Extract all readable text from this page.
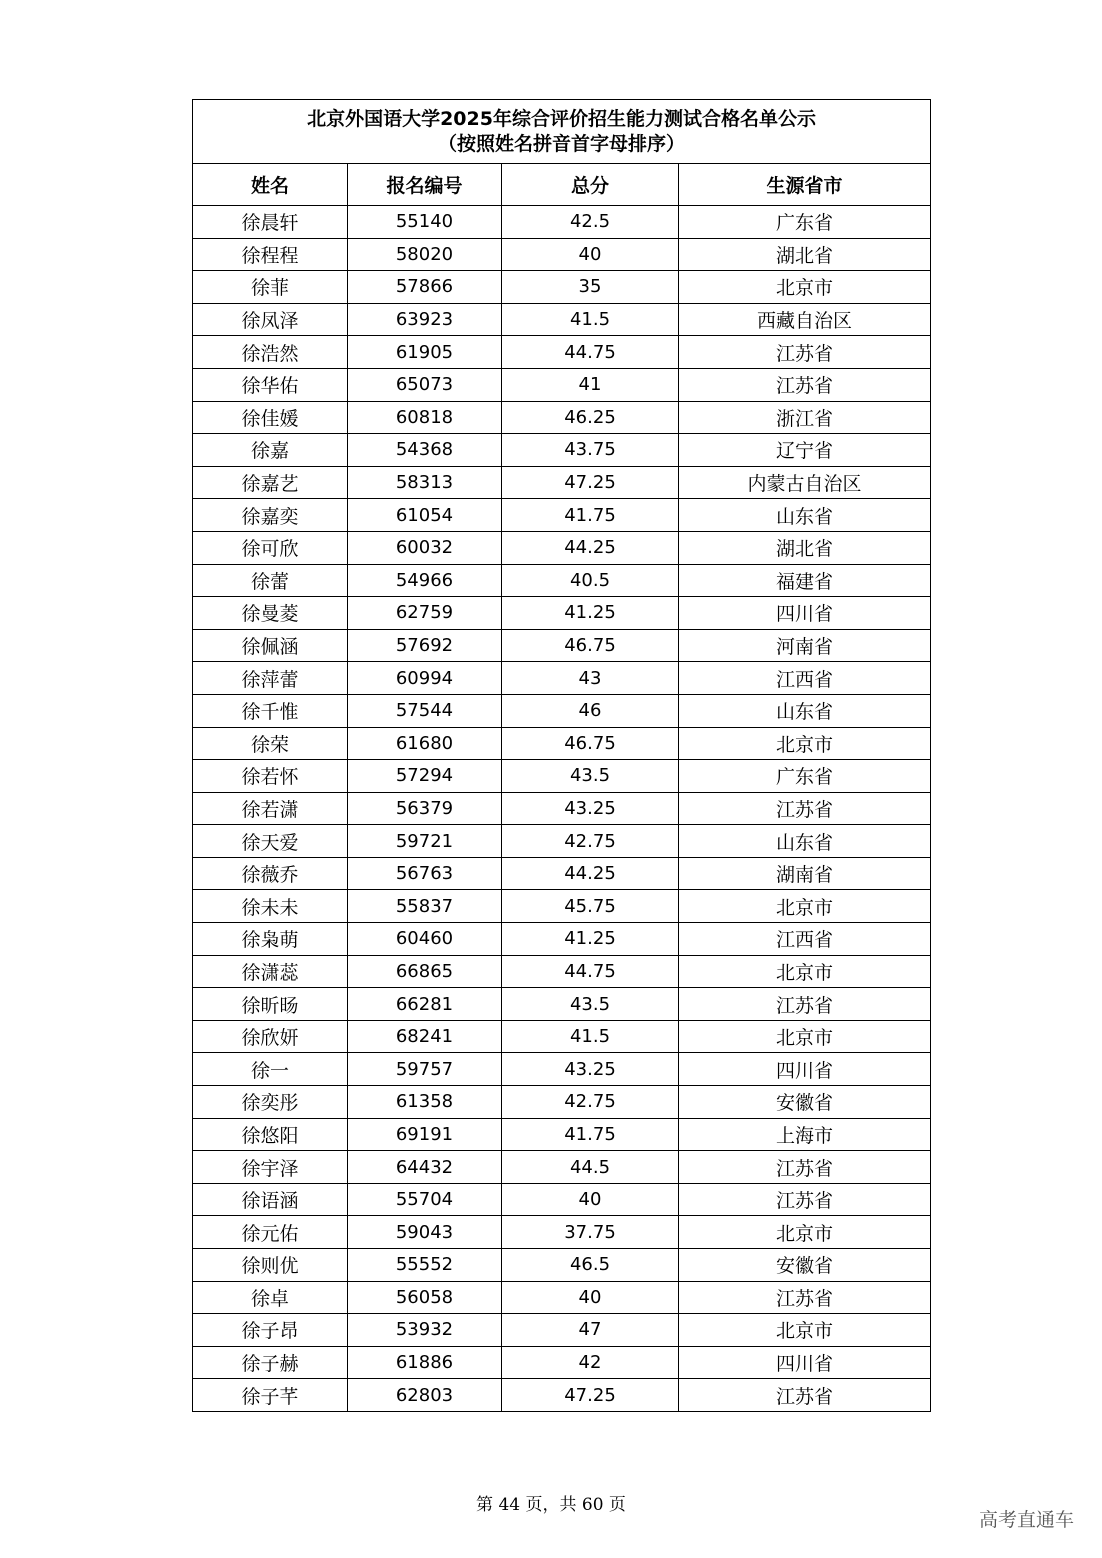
北京外国语大学2025年综合评价招生能力测试合格名单公示
（按照姓名拼音首字母排序）			

姓名	报名编号	总分	生源省市
徐晨轩	55140	42.5	广东省
徐程程	58020	40	湖北省
徐菲	57866	35	北京市
徐凤泽	63923	41.5	西藏自治区
徐浩然	61905	44.75	江苏省
徐华佑	65073	41	江苏省
徐佳媛	60818	46.25	浙江省
徐嘉	54368	43.75	辽宁省
徐嘉艺	58313	47.25	内蒙古自治区
徐嘉奕	61054	41.75	山东省
徐可欣	60032	44.25	湖北省
徐蕾	54966	40.5	福建省
徐曼菱	62759	41.25	四川省
徐佩涵	57692	46.75	河南省
徐萍蕾	60994	43	江西省
徐千惟	57544	46	山东省
徐荣	61680	46.75	北京市
徐若怀	57294	43.5	广东省
徐若潇	56379	43.25	江苏省
徐天爱	59721	42.75	山东省
徐薇乔	56763	44.25	湖南省
徐未未	55837	45.75	北京市
徐枭萌	60460	41.25	江西省
徐潇蕊	66865	44.75	北京市
徐昕旸	66281	43.5	江苏省
徐欣妍	68241	41.5	北京市
徐一	59757	43.25	四川省
徐奕彤	61358	42.75	安徽省
徐悠阳	69191	41.75	上海市
徐宇泽	64432	44.5	江苏省
徐语涵	55704	40	江苏省
徐元佑	59043	37.75	北京市
徐则优	55552	46.5	安徽省
徐卓	56058	40	江苏省
徐子昂	53932	47	北京市
徐子赫	61886	42	四川省
徐子芊	62803	47.25	江苏省
第 44 页，共 60 页
高考直通车
